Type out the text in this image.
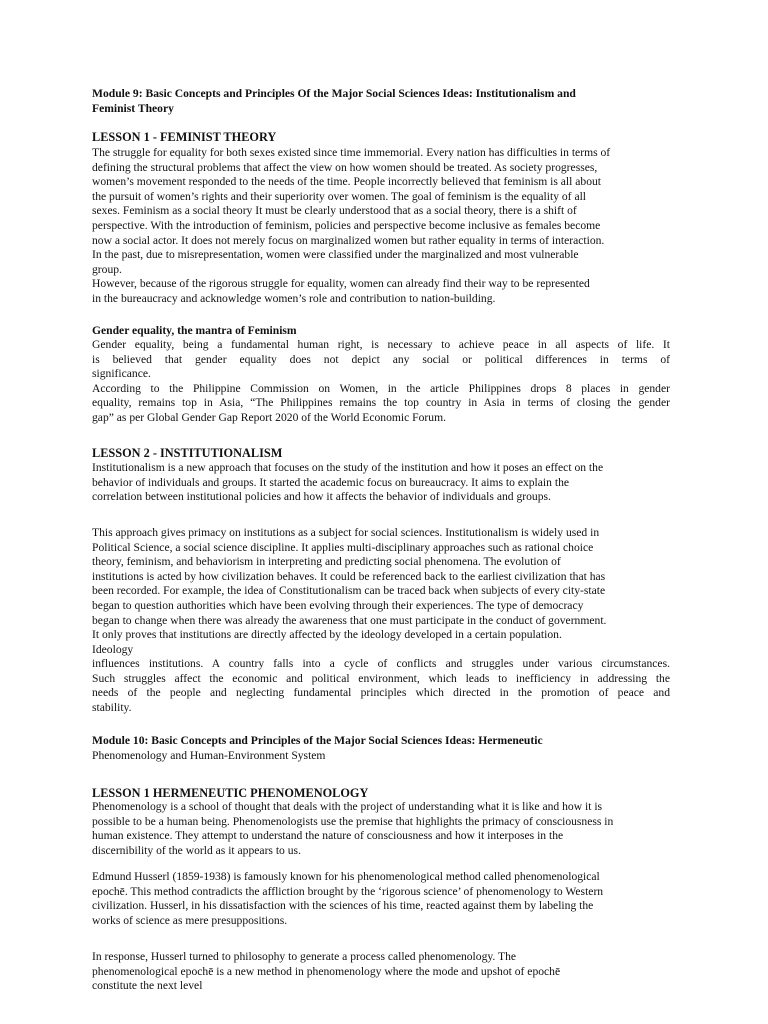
Module 9: Basic Concepts and Principles Of the Major Social Sciences Ideas: Institutionalism and
Feminist Theory
LESSON 1 - FEMINIST THEORY
The struggle for equality for both sexes existed since time immemorial. Every nation has difficulties in terms of
defining the structural problems that affect the view on how women should be treated. As society progresses,
women’s movement responded to the needs of the time. People incorrectly believed that feminism is all about
the pursuit of women’s rights and their superiority over women. The goal of feminism is the equality of all
sexes. Feminism as a social theory It must be clearly understood that as a social theory, there is a shift of
perspective. With the introduction of feminism, policies and perspective become inclusive as females become
now a social actor. It does not merely focus on marginalized women but rather equality in terms of interaction.
In the past, due to misrepresentation, women were classified under the marginalized and most vulnerable
group.
However, because of the rigorous struggle for equality, women can already find their way to be represented
in the bureaucracy and acknowledge women’s role and contribution to nation-building.
Gender equality, the mantra of Feminism
Gender equality, being a fundamental human right, is necessary to achieve peace in all aspects of life. It
is believed that gender equality does not depict any social or political differences in terms of
significance.
According to the Philippine Commission on Women, in the article Philippines drops 8 places in gender
equality, remains top in Asia, “The Philippines remains the top country in Asia in terms of closing the gender
gap” as per Global Gender Gap Report 2020 of the World Economic Forum.
LESSON 2 - INSTITUTIONALISM
Institutionalism is a new approach that focuses on the study of the institution and how it poses an effect on the
behavior of individuals and groups. It started the academic focus on bureaucracy. It aims to explain the
correlation between institutional policies and how it affects the behavior of individuals and groups.
This approach gives primacy on institutions as a subject for social sciences. Institutionalism is widely used in
Political Science, a social science discipline. It applies multi-disciplinary approaches such as rational choice
theory, feminism, and behaviorism in interpreting and predicting social phenomena. The evolution of
institutions is acted by how civilization behaves. It could be referenced back to the earliest civilization that has
been recorded. For example, the idea of Constitutionalism can be traced back when subjects of every city-state
began to question authorities which have been evolving through their experiences. The type of democracy
began to change when there was already the awareness that one must participate in the conduct of government.
It only proves that institutions are directly affected by the ideology developed in a certain population.
Ideology
influences institutions. A country falls into a cycle of conflicts and struggles under various circumstances.
Such struggles affect the economic and political environment, which leads to inefficiency in addressing the
needs of the people and neglecting fundamental principles which directed in the promotion of peace and
stability.
Module 10: Basic Concepts and Principles of the Major Social Sciences Ideas: Hermeneutic
Phenomenology and Human-Environment System
LESSON 1 HERMENEUTIC PHENOMENOLOGY
Phenomenology is a school of thought that deals with the project of understanding what it is like and how it is
possible to be a human being. Phenomenologists use the premise that highlights the primacy of consciousness in
human existence. They attempt to understand the nature of consciousness and how it interposes in the
discernibility of the world as it appears to us.
Edmund Husserl (1859-1938) is famously known for his phenomenological method called phenomenological
epochē. This method contradicts the affliction brought by the ‘rigorous science’ of phenomenology to Western
civilization. Husserl, in his dissatisfaction with the sciences of his time, reacted against them by labeling the
works of science as mere presuppositions.
In response, Husserl turned to philosophy to generate a process called phenomenology. The
phenomenological epochē is a new method in phenomenology where the mode and upshot of epochē
constitute the next level
